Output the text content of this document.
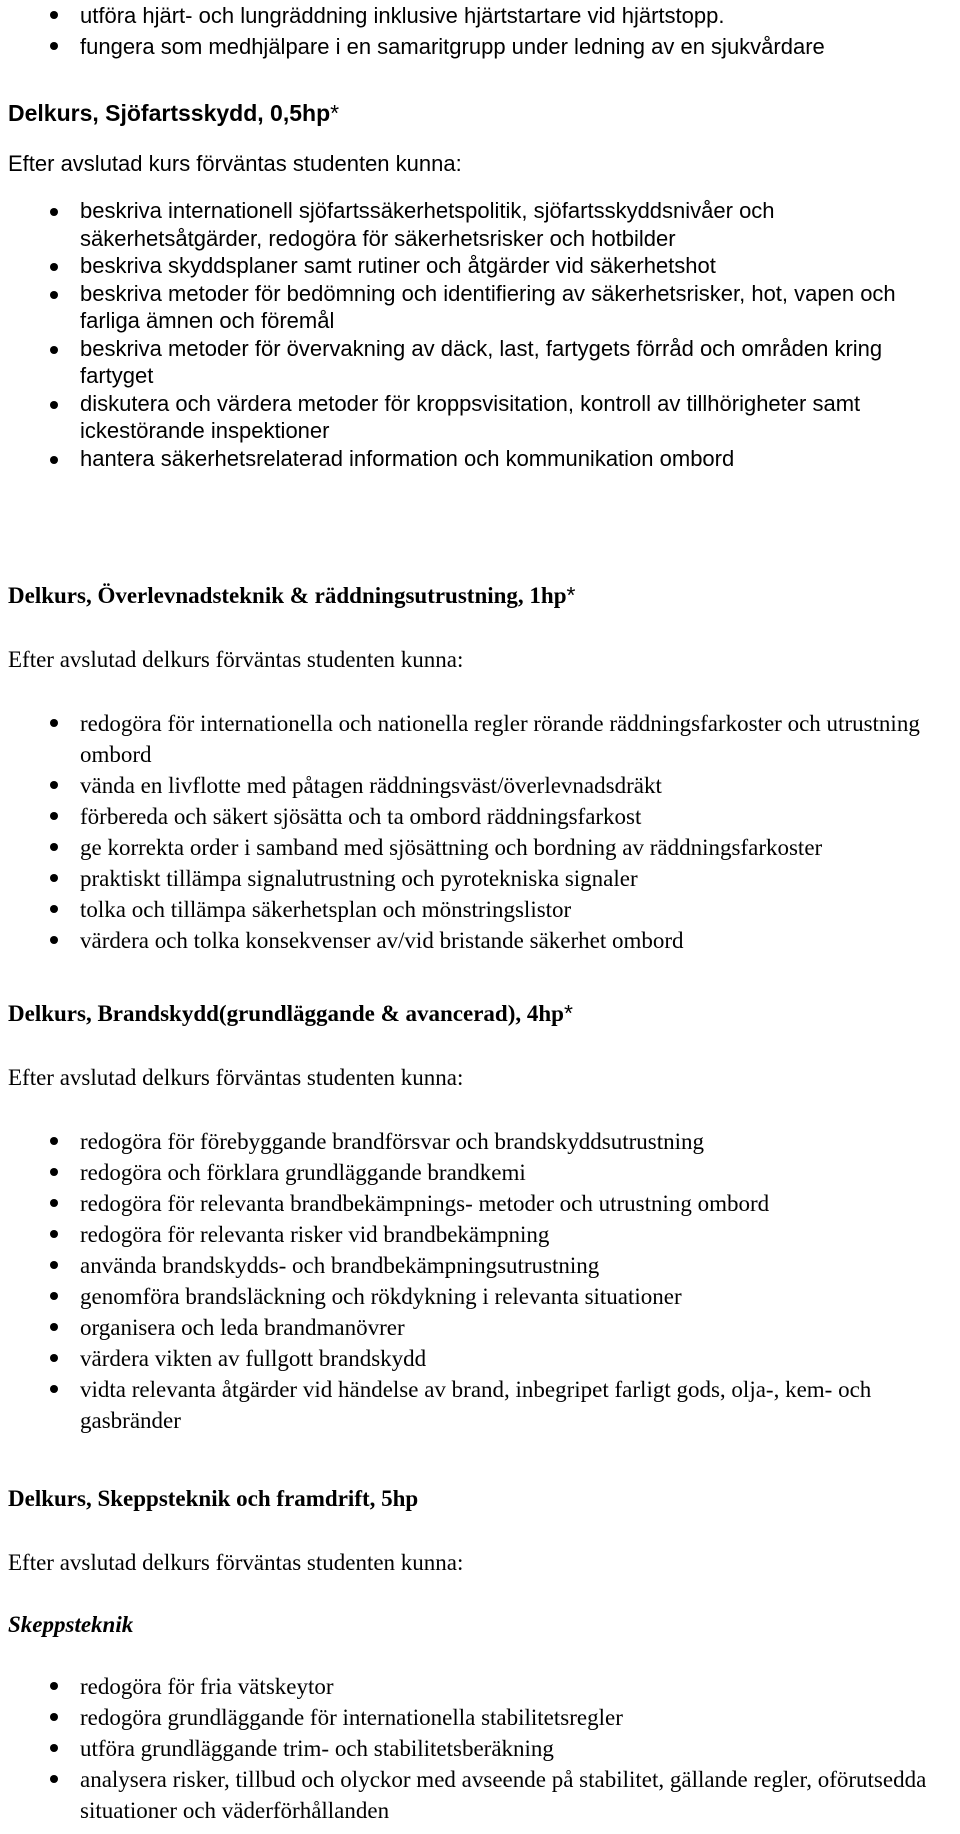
utföra hjärt- och lungräddning inklusive hjärtstartare vid hjärtstopp.
fungera som medhjälpare i en samaritgrupp under ledning av en sjukvårdare

Delkurs, Sjöfartsskydd, 0,5hp*

Efter avslutad kurs förväntas studenten kunna:

beskriva internationell sjöfartssäkerhetspolitik, sjöfartsskyddsnivåer och säkerhetsåtgärder, redogöra för säkerhetsrisker och hotbilder
beskriva skyddsplaner samt rutiner och åtgärder vid säkerhetshot
beskriva metoder för bedömning och identifiering av säkerhetsrisker, hot, vapen och farliga ämnen och föremål
beskriva metoder för övervakning av däck, last, fartygets förråd och områden kring fartyget
diskutera och värdera metoder för kroppsvisitation, kontroll av tillhörigheter samt ickestörande inspektioner
hantera säkerhetsrelaterad information och kommunikation ombord

Delkurs, Överlevnadsteknik & räddningsutrustning, 1hp*

Efter avslutad delkurs förväntas studenten kunna:

redogöra för internationella och nationella regler rörande räddningsfarkoster och utrustning ombord
vända en livflotte med påtagen räddningsväst/överlevnadsdräkt
förbereda och säkert sjösätta och ta ombord räddningsfarkost
ge korrekta order i samband med sjösättning och bordning av räddningsfarkoster
praktiskt tillämpa signalutrustning och pyrotekniska signaler
tolka och tillämpa säkerhetsplan och mönstringslistor
värdera och tolka konsekvenser av/vid bristande säkerhet ombord

Delkurs, Brandskydd(grundläggande & avancerad), 4hp*

Efter avslutad delkurs förväntas studenten kunna:

redogöra för förebyggande brandförsvar och brandskyddsutrustning
redogöra och förklara grundläggande brandkemi
redogöra för relevanta brandbekämpnings- metoder och utrustning ombord
redogöra för relevanta risker vid brandbekämpning
använda brandskydds- och brandbekämpningsutrustning
genomföra brandsläckning och rökdykning i relevanta situationer
organisera och leda brandmanövrer
värdera vikten av fullgott brandskydd
vidta relevanta åtgärder vid händelse av brand, inbegripet farligt gods, olja-, kem- och gasbränder

Delkurs, Skeppsteknik och framdrift, 5hp

Efter avslutad delkurs förväntas studenten kunna:

Skeppsteknik

redogöra för fria vätskeytor
redogöra grundläggande för internationella stabilitetsregler
utföra grundläggande trim- och stabilitetsberäkning
analysera risker, tillbud och olyckor med avseende på stabilitet, gällande regler, oförutsedda situationer och väderförhållanden
